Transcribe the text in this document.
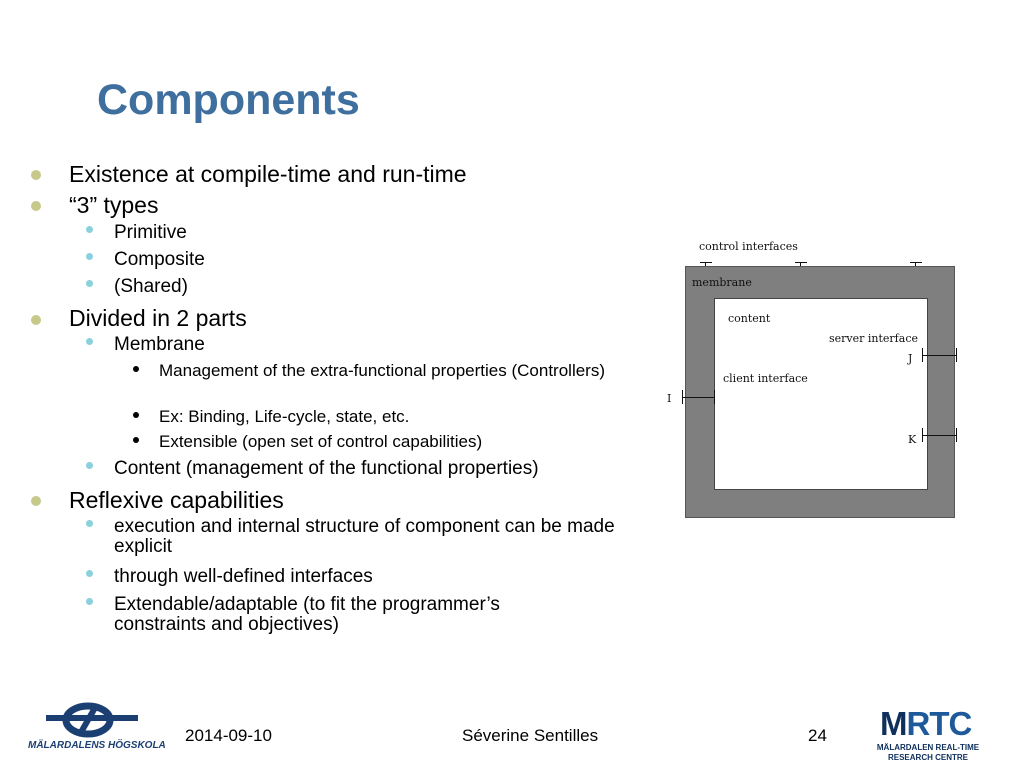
Components
Existence at compile-time and run-time
“3” types
Primitive
Composite
(Shared)
Divided in 2 parts
Membrane
Management of the extra-functional properties (Controllers)
Ex: Binding, Life-cycle, state, etc.
Extensible (open set of control capabilities)
Content (management of the functional properties)
Reflexive capabilities
execution and internal structure of component can be made explicit
through well-defined interfaces
Extendable/adaptable (to fit the programmer’s constraints and objectives)
control interfaces
membrane
content
server interface
client interface
I
J
K
MÄLARDALENS HÖGSKOLA
2014-09-10	Séverine Sentilles	24 MRTC
MÄLARDALEN REAL-TIME
RESEARCH CENTRE
